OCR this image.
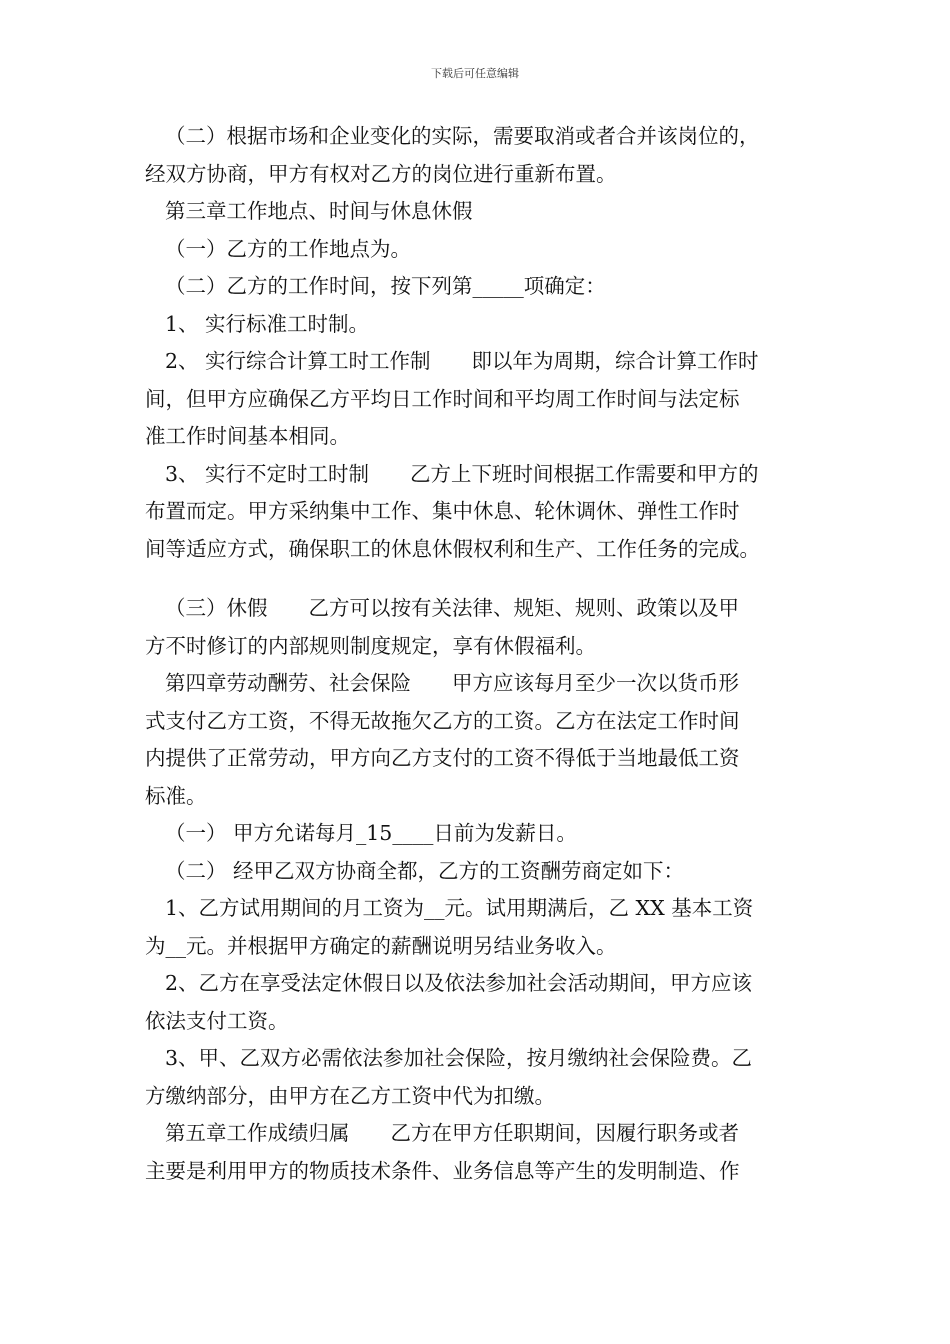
下载后可任意编辑

（二）根据市场和企业变化的实际，需要取消或者合并该岗位的，

经双方协商，甲方有权对乙方的岗位进行重新布置。

第三章工作地点、时间与休息休假

（一）乙方的工作地点为。

（二）乙方的工作时间，按下列第_____项确定：

1、 实行标准工时制。

2、 实行综合计算工时工作制　　即以年为周期，综合计算工作时

间，但甲方应确保乙方平均日工作时间和平均周工作时间与法定标

准工作时间基本相同。

3、 实行不定时工时制　　乙方上下班时间根据工作需要和甲方的

布置而定。甲方采纳集中工作、集中休息、轮休调休、弹性工作时

间等适应方式，确保职工的休息休假权利和生产、工作任务的完成。

（三）休假　　乙方可以按有关法律、规矩、规则、政策以及甲

方不时修订的内部规则制度规定，享有休假福利。

第四章劳动酬劳、社会保险　　甲方应该每月至少一次以货币形

式支付乙方工资，不得无故拖欠乙方的工资。乙方在法定工作时间

内提供了正常劳动，甲方向乙方支付的工资不得低于当地最低工资

标准。

（一） 甲方允诺每月_15____日前为发薪日。

（二） 经甲乙双方协商全都，乙方的工资酬劳商定如下：

1、乙方试用期间的月工资为__元。试用期满后，乙 XX 基本工资

为__元。并根据甲方确定的薪酬说明另结业务收入。

2、乙方在享受法定休假日以及依法参加社会活动期间，甲方应该

依法支付工资。

3、甲、乙双方必需依法参加社会保险，按月缴纳社会保险费。乙

方缴纳部分，由甲方在乙方工资中代为扣缴。

第五章工作成绩归属　　乙方在甲方任职期间，因履行职务或者

主要是利用甲方的物质技术条件、业务信息等产生的发明制造、作
